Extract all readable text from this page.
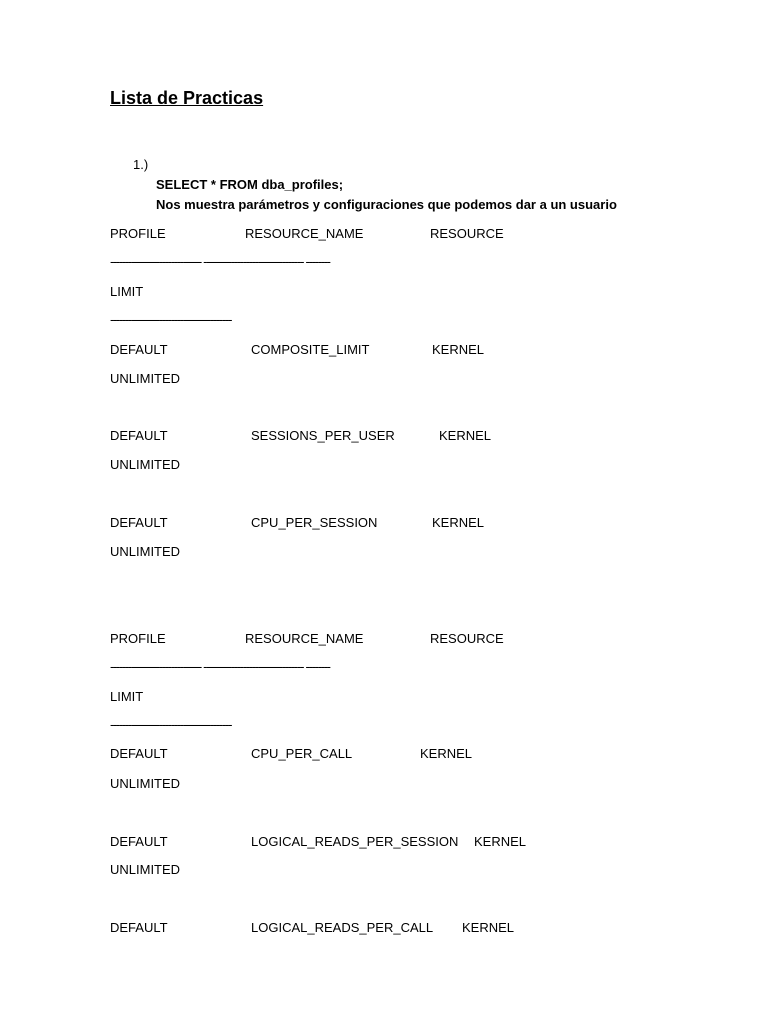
Lista de Practicas
1.)
SELECT * FROM dba_profiles;
Nos muestra parámetros y configuraciones que podemos dar a un usuario
PROFILE	RESOURCE_NAME	RESOURCE
------------------------------ --------------------------------- --------
LIMIT
----------------------------------------
DEFAULT	COMPOSITE_LIMIT	KERNEL
UNLIMITED
DEFAULT	SESSIONS_PER_USER	KERNEL
UNLIMITED
DEFAULT	CPU_PER_SESSION	KERNEL
UNLIMITED
PROFILE	RESOURCE_NAME	RESOURCE
------------------------------ --------------------------------- --------
LIMIT
----------------------------------------
DEFAULT	CPU_PER_CALL	KERNEL
UNLIMITED
DEFAULT	LOGICAL_READS_PER_SESSION KERNEL
UNLIMITED
DEFAULT	LOGICAL_READS_PER_CALL KERNEL
